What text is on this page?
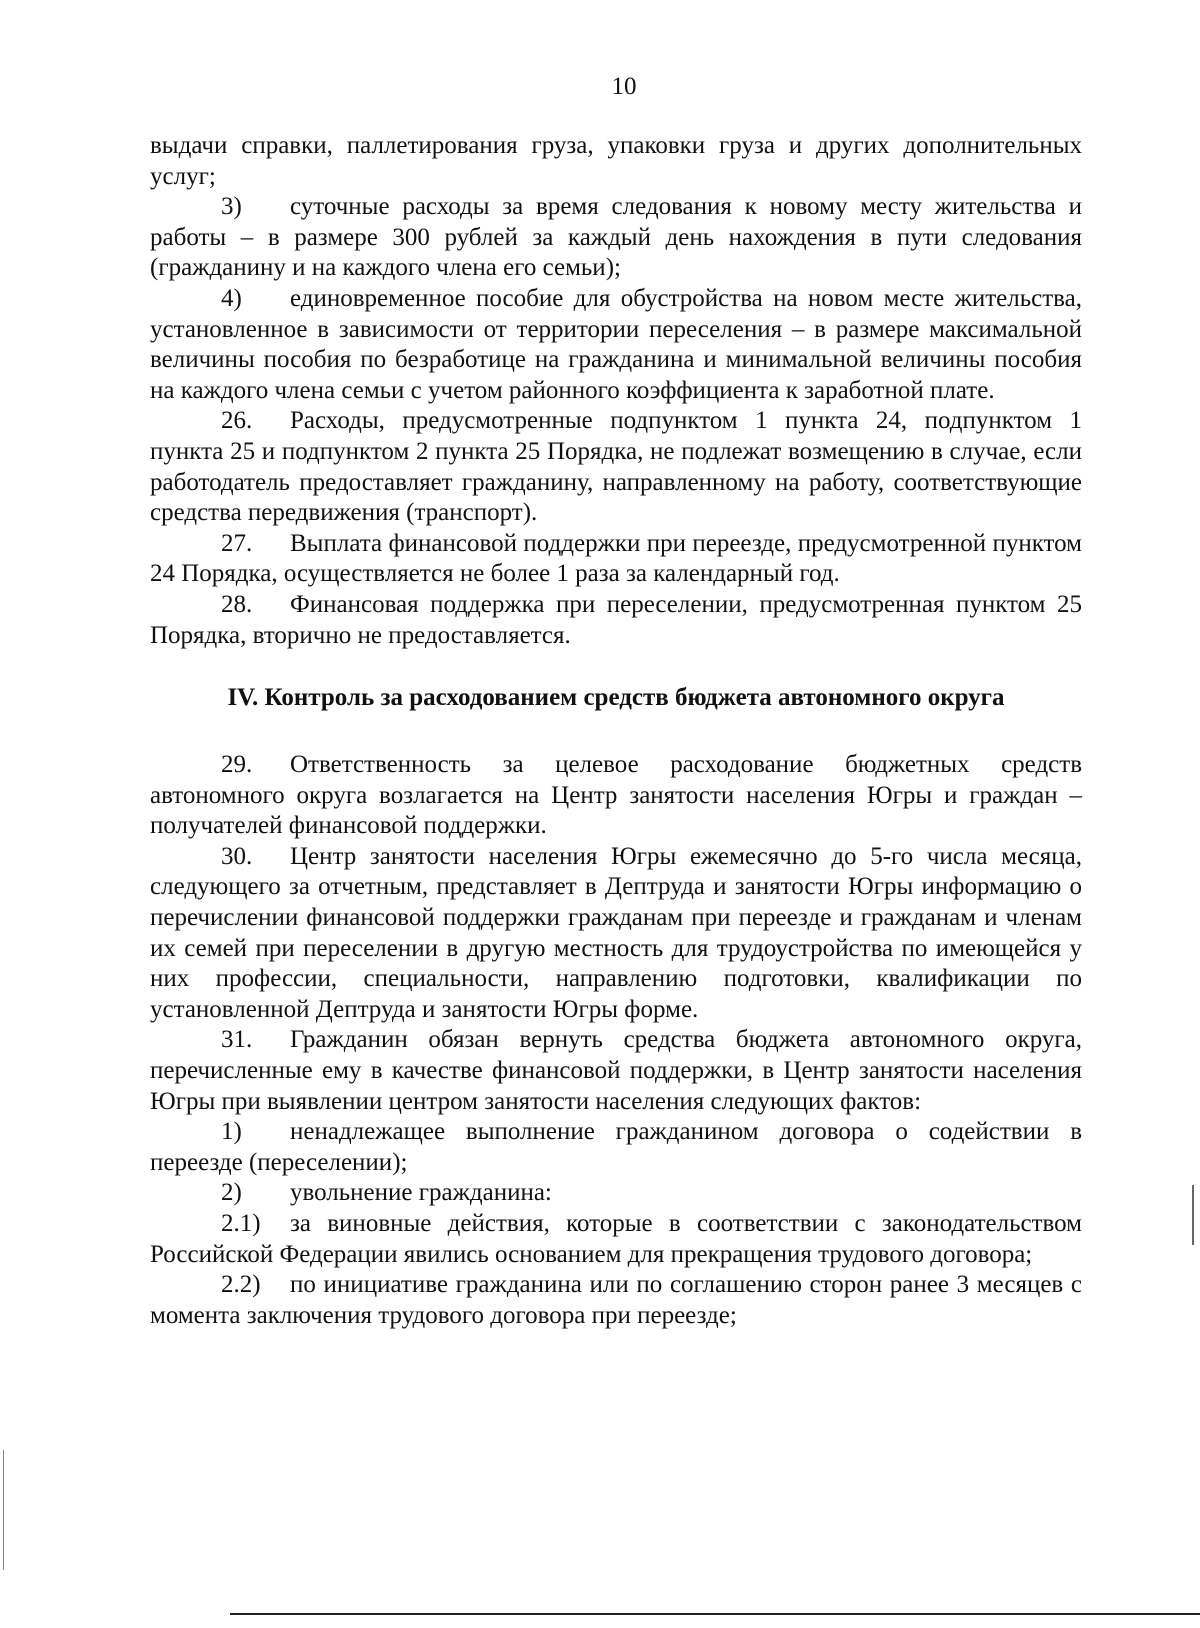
10

выдачи справки, паллетирования груза, упаковки груза и других дополнительных услуг;

3) суточные расходы за время следования к новому месту жительства и работы – в размере 300 рублей за каждый день нахождения в пути следования (гражданину и на каждого члена его семьи);

4) единовременное пособие для обустройства на новом месте жительства, установленное в зависимости от территории переселения – в размере максимальной величины пособия по безработице на гражданина и минимальной величины пособия на каждого члена семьи с учетом районного коэффициента к заработной плате.

26. Расходы, предусмотренные подпунктом 1 пункта 24, подпунктом 1 пункта 25 и подпунктом 2 пункта 25 Порядка, не подлежат возмещению в случае, если работодатель предоставляет гражданину, направленному на работу, соответствующие средства передвижения (транспорт).

27. Выплата финансовой поддержки при переезде, предусмотренной пунктом 24 Порядка, осуществляется не более 1 раза за календарный год.

28. Финансовая поддержка при переселении, предусмотренная пунктом 25 Порядка, вторично не предоставляется.

IV. Контроль за расходованием средств бюджета автономного округа

29. Ответственность за целевое расходование бюджетных средств автономного округа возлагается на Центр занятости населения Югры и граждан – получателей финансовой поддержки.

30. Центр занятости населения Югры ежемесячно до 5-го числа месяца, следующего за отчетным, представляет в Дептруда и занятости Югры информацию о перечислении финансовой поддержки гражданам при переезде и гражданам и членам их семей при переселении в другую местность для трудоустройства по имеющейся у них профессии, специальности, направлению подготовки, квалификации по установленной Дептруда и занятости Югры форме.

31. Гражданин обязан вернуть средства бюджета автономного округа, перечисленные ему в качестве финансовой поддержки, в Центр занятости населения Югры при выявлении центром занятости населения следующих фактов:

1) ненадлежащее выполнение гражданином договора о содействии в переезде (переселении);

2) увольнение гражданина:

2.1) за виновные действия, которые в соответствии с законодательством Российской Федерации явились основанием для прекращения трудового договора;

2.2) по инициативе гражданина или по соглашению сторон ранее 3 месяцев с момента заключения трудового договора при переезде;
